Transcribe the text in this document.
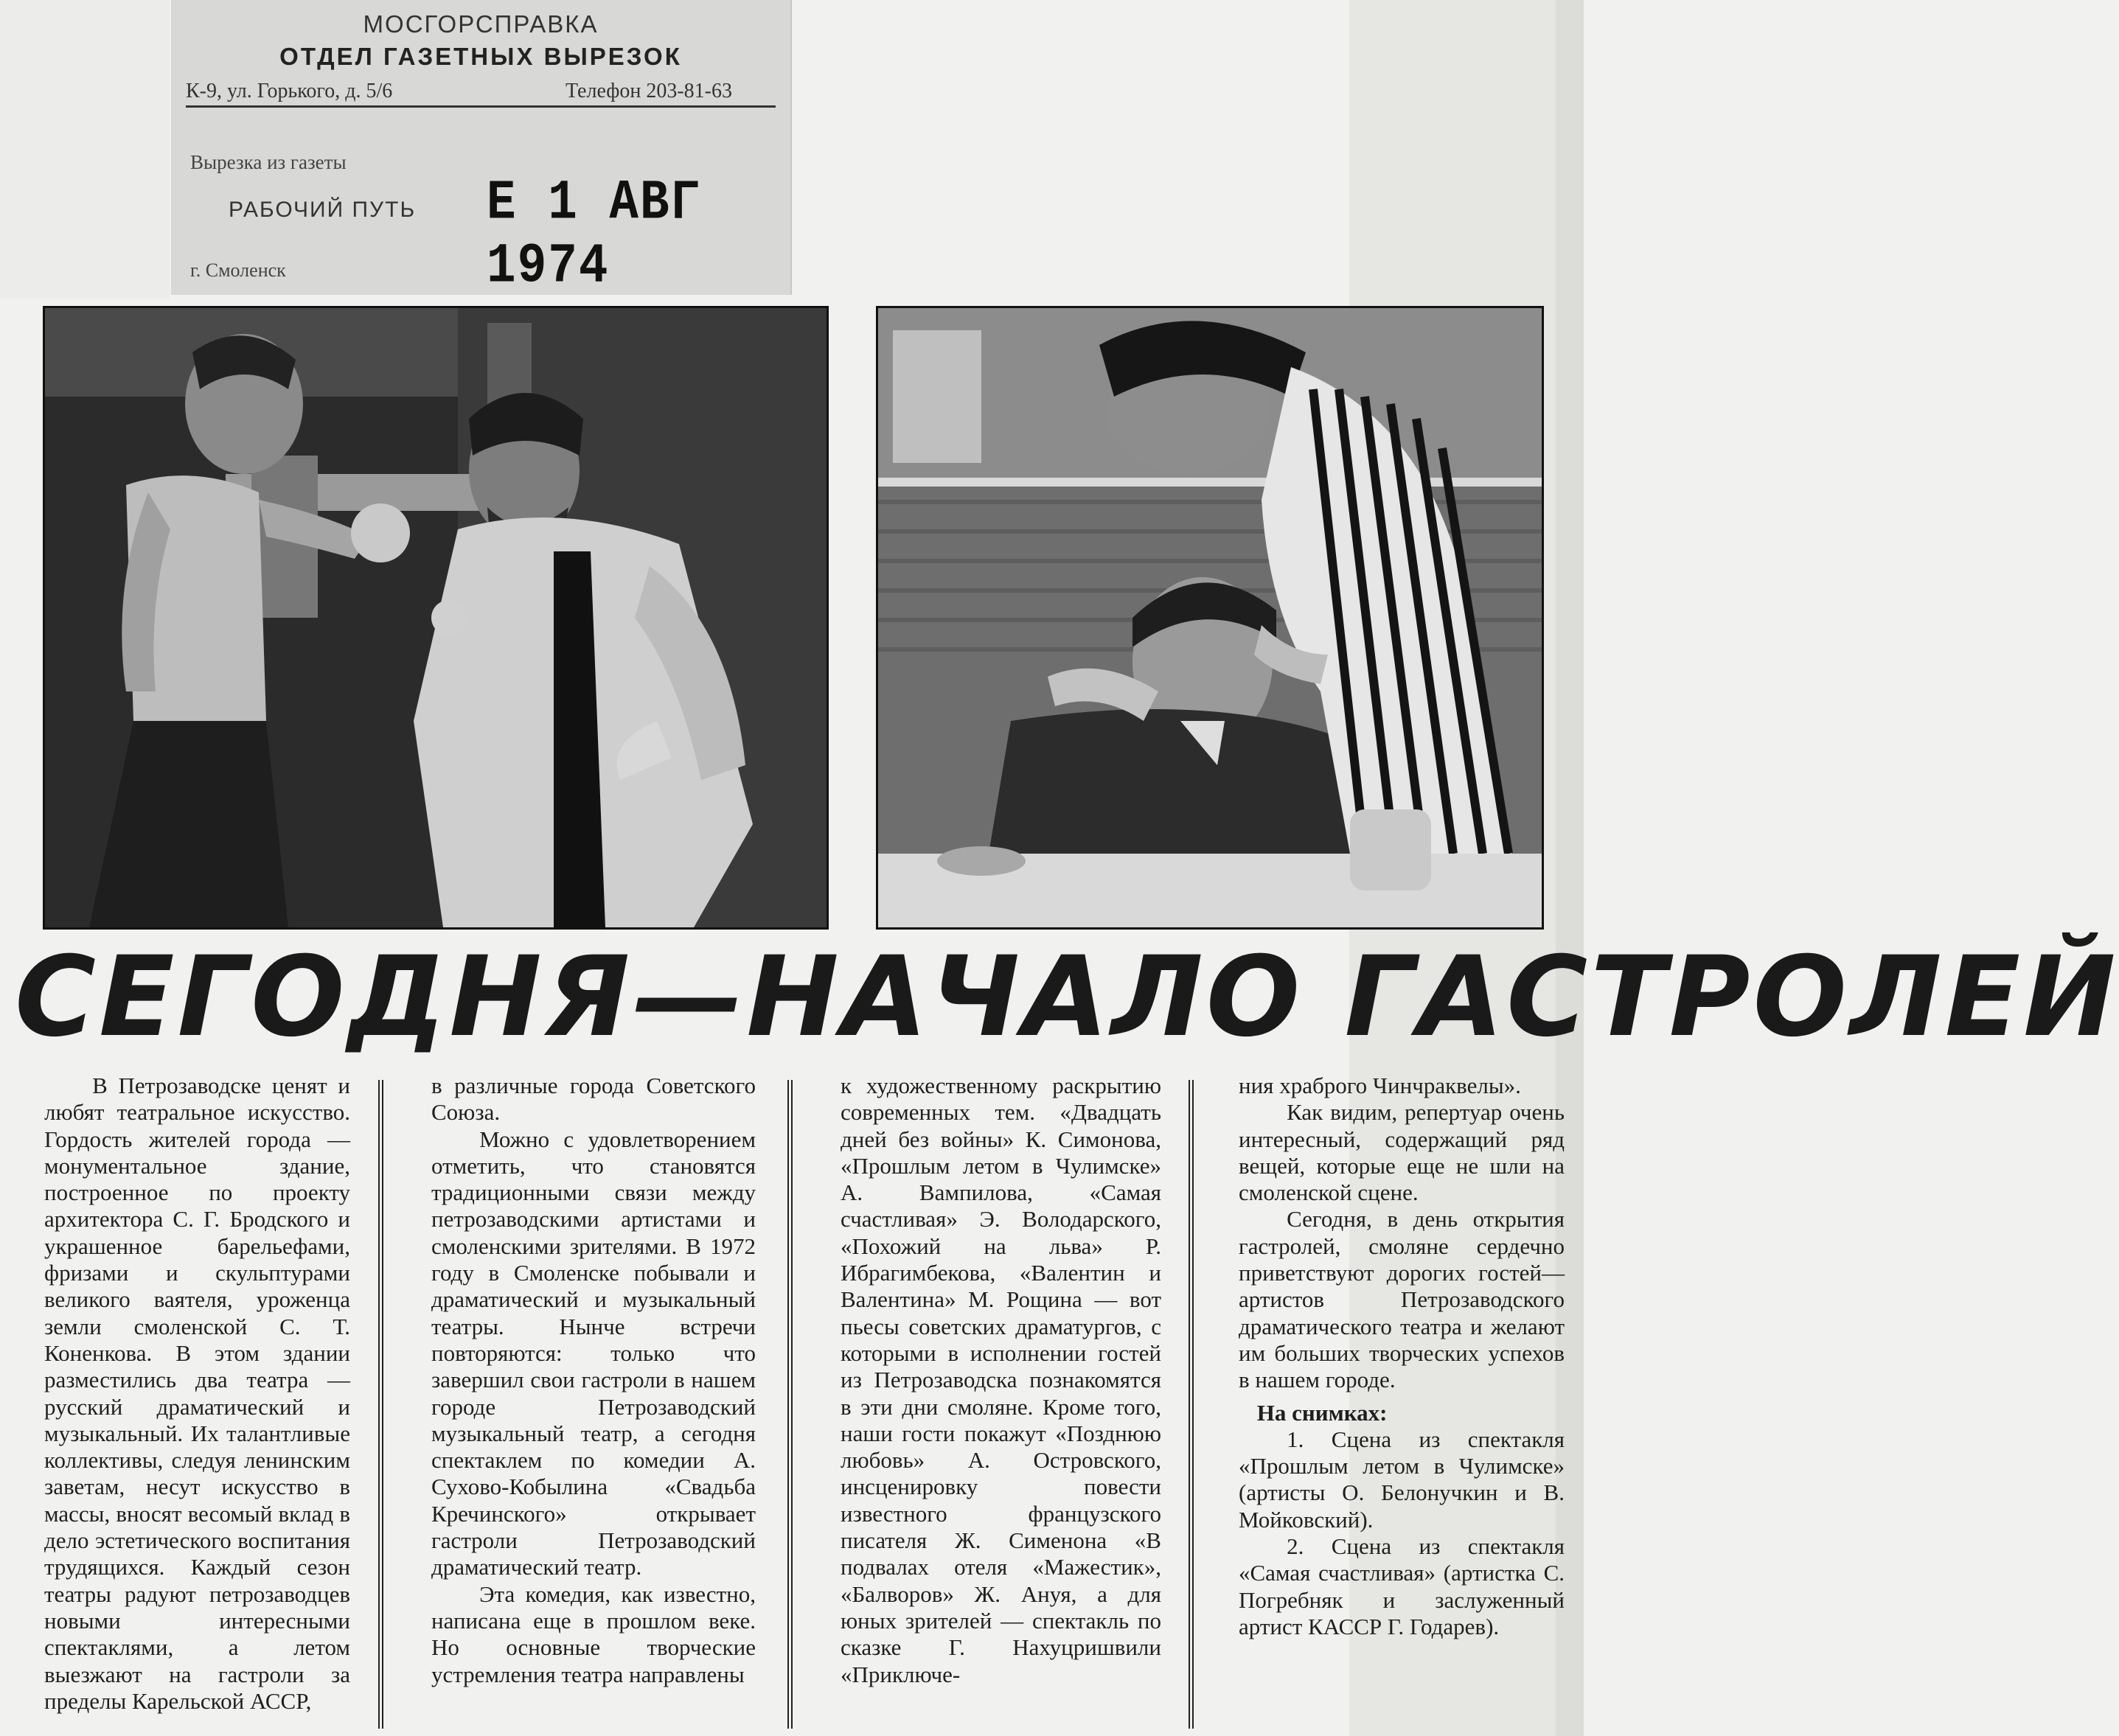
МОСГОРСПРАВКА
ОТДЕЛ ГАЗЕТНЫХ ВЫРЕЗОК
К-9, ул. Горького, д. 5/6	Телефон 203-81-63
Вырезка из газеты
РАБОЧИЙ ПУТЬ Е 1 АВГ 1974
г. Смоленск
СЕГОДНЯ—НАЧАЛО ГАСТРОЛЕЙ

В Петрозаводске ценят и любят театральное искусство. Гордость жителей города — монументальное здание, построенное по проекту архитектора С. Г. Бродского и украшенное барельефами, фризами и скульптурами великого ваятеля, уроженца земли смоленской С. Т. Коненкова. В этом здании разместились два театра — русский драматический и музыкальный. Их талантливые коллективы, следуя ленинским заветам, несут искусство в массы, вносят весомый вклад в дело эстетического воспитания трудящихся. Каждый сезон театры радуют петрозаводцев новыми интересными спектаклями, а летом выезжают на гастроли за пределы Карельской АССР,

в различные города Советского Союза.

Можно с удовлетворением отметить, что становятся традиционными связи между петрозаводскими артистами и смоленскими зрителями. В 1972 году в Смоленске побывали и драматический и музыкальный театры. Нынче встречи повторяются: только что завершил свои гастроли в нашем городе Петрозаводский музыкальный театр, а сегодня спектаклем по комедии А. Сухово-Кобылина «Свадьба Кречинского» открывает гастроли Петрозаводский драматический театр.

Эта комедия, как известно, написана еще в прошлом веке. Но основные творческие устремления театра направлены

к художественному раскрытию современных тем. «Двадцать дней без войны» К. Симонова, «Прошлым летом в Чулимске» А. Вампилова, «Самая счастливая» Э. Володарского, «Похожий на льва» Р. Ибрагимбекова, «Валентин и Валентина» М. Рощина — вот пьесы советских драматургов, с которыми в исполнении гостей из Петрозаводска познакомятся в эти дни смоляне. Кроме того, наши гости покажут «Позднюю любовь» А. Островского, инсценировку повести известного французского писателя Ж. Сименона «В подвалах отеля «Мажестик», «Балворов» Ж. Ануя, а для юных зрителей — спектакль по сказке Г. Нахуцришвили «Приключе-

ния храброго Чинчраквелы».

Как видим, репертуар очень интересный, содержащий ряд вещей, которые еще не шли на смоленской сцене.

Сегодня, в день открытия гастролей, смоляне сердечно приветствуют дорогих гостей—артистов Петрозаводского драматического театра и желают им больших творческих успехов в нашем городе.

На снимках:

1. Сцена из спектакля «Прошлым летом в Чулимске» (артисты О. Белонучкин и В. Мойковский).

2. Сцена из спектакля «Самая счастливая» (артистка С. Погребняк и заслуженный артист КАССР Г. Годарев).
